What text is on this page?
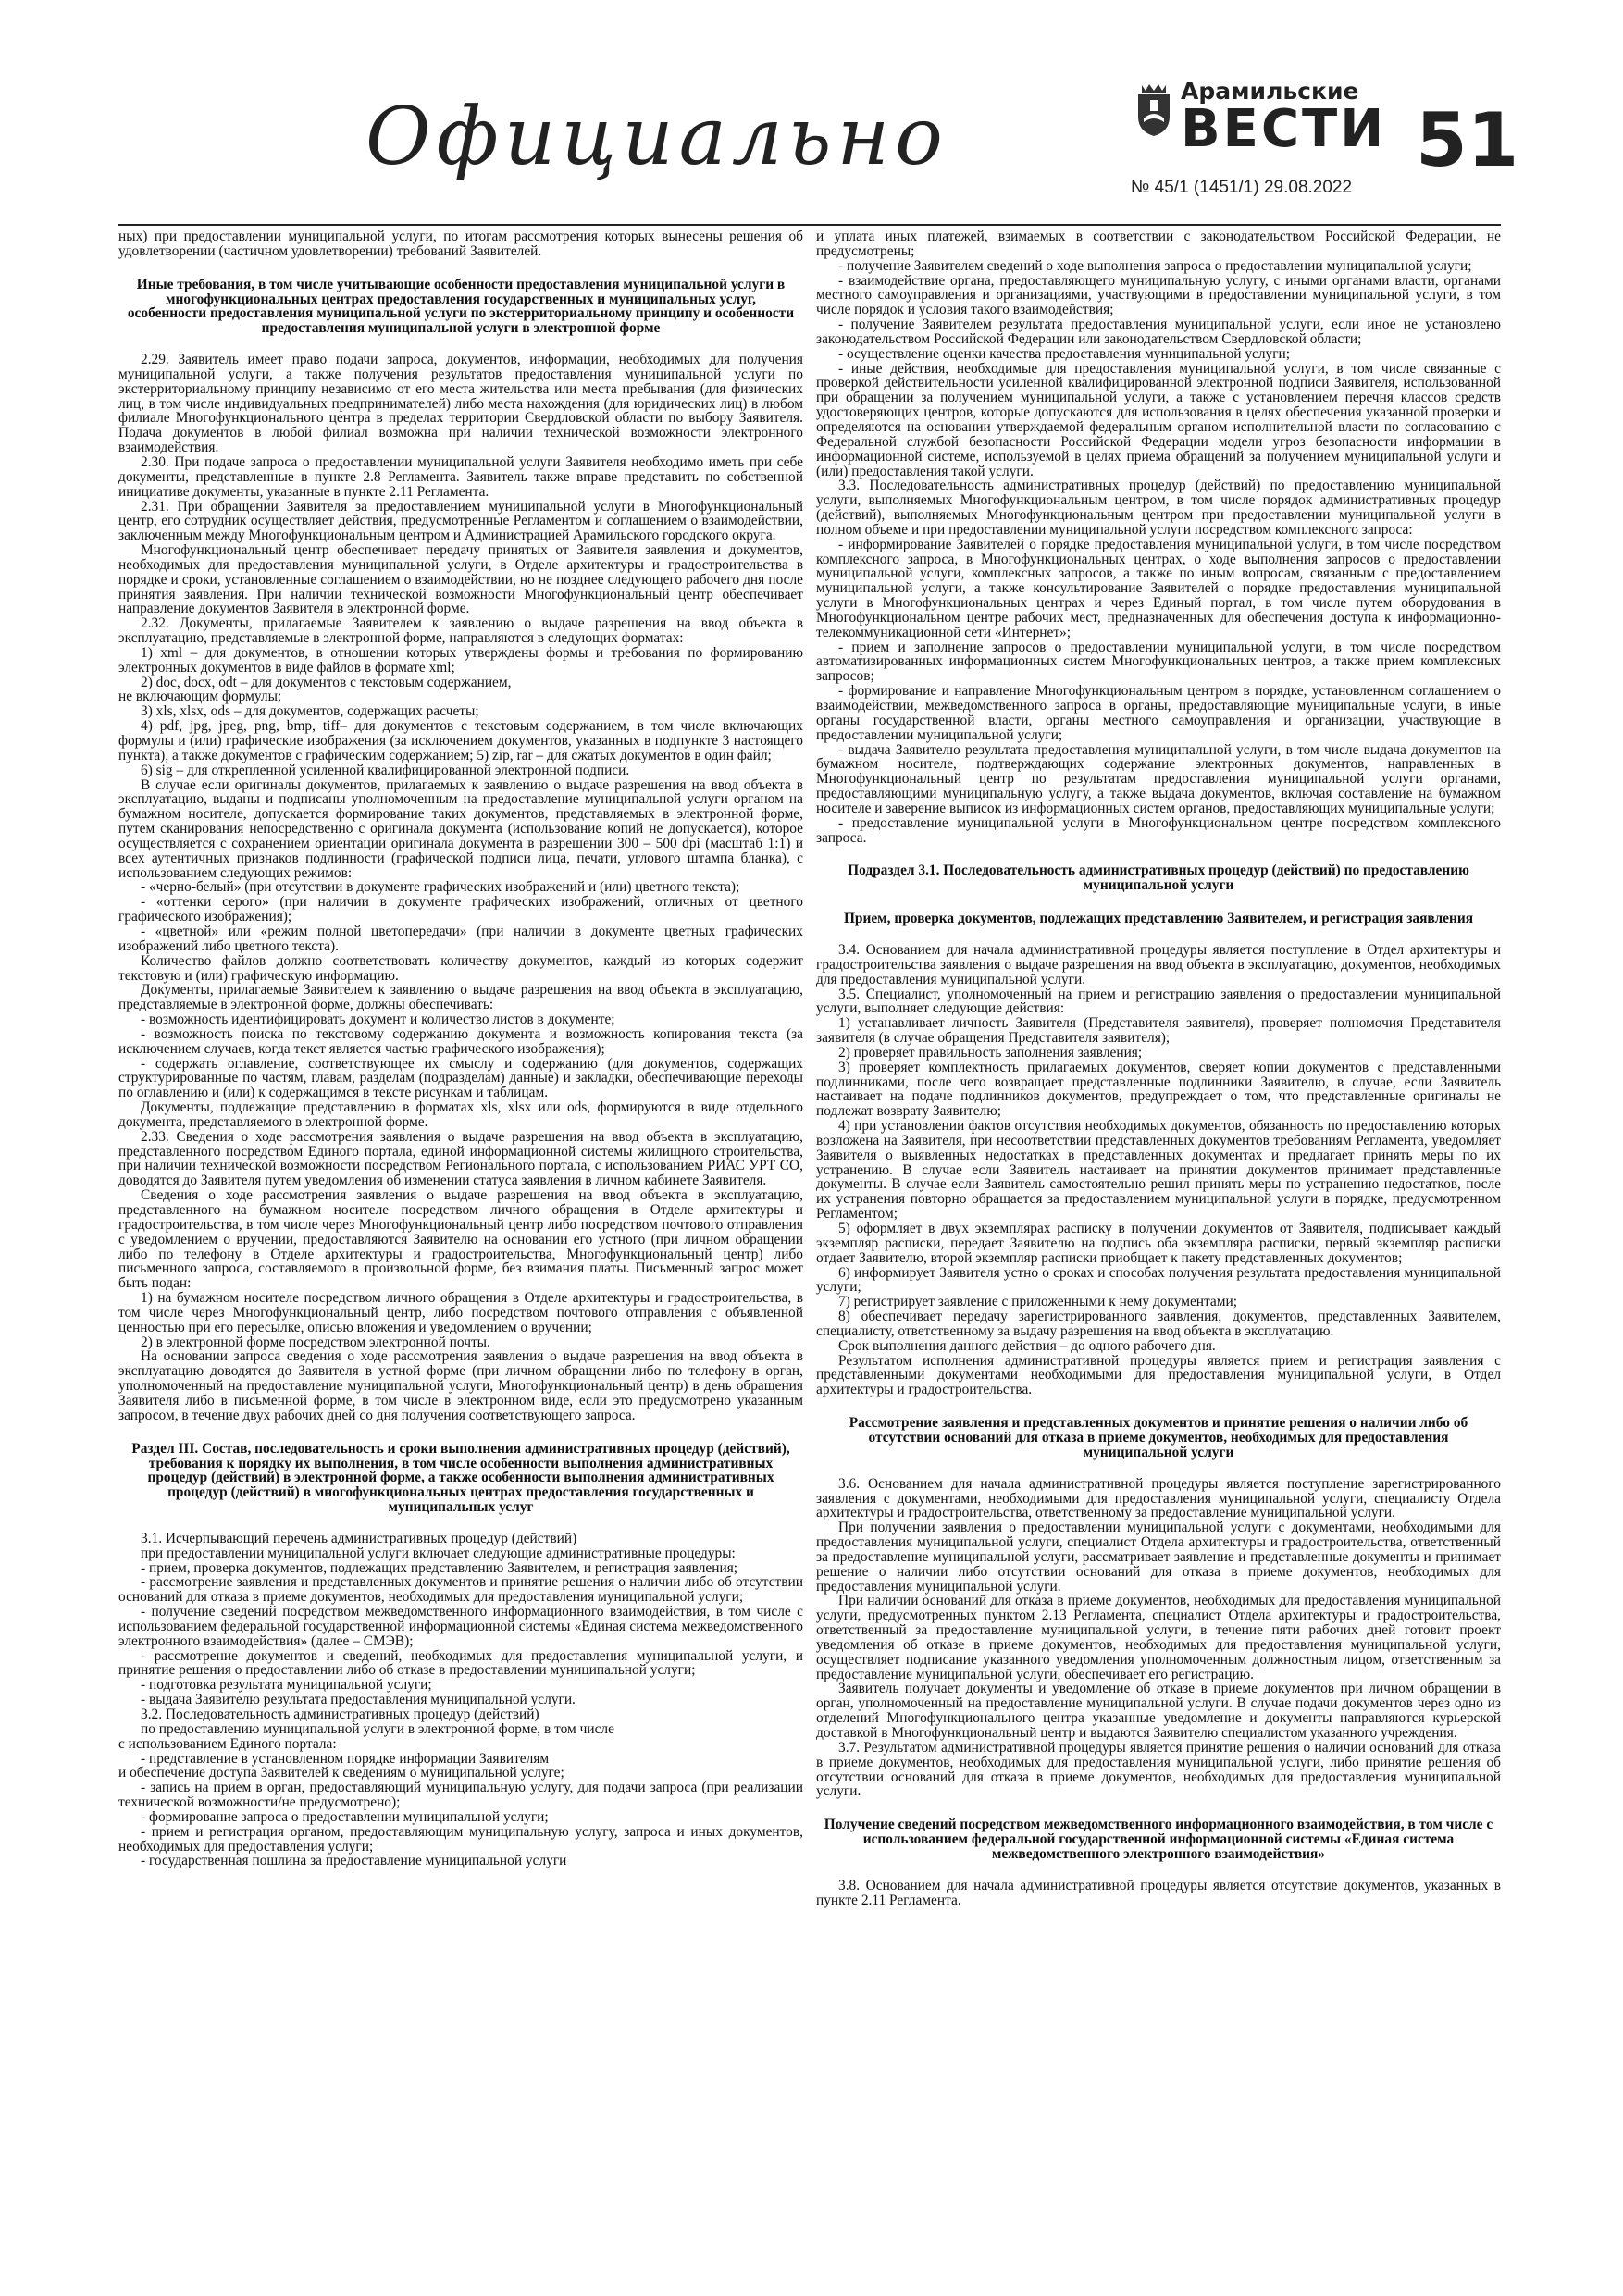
Официально	Арамильские
ВЕСТИ
№ 45/1 (1451/1) 29.08.2022
51

ных) при предоставлении муниципальной услуги, по итогам рассмотрения которых вынесены решения об удовлетворении (частичном удовлетворении) требований Заявителей.

Иные требования, в том числе учитывающие особенности предоставления муниципальной услуги в многофункциональных центрах предоставления государственных и муниципальных услуг, особенности предоставления муниципальной услуги по экстерриториальному принципу и особенности предоставления муниципальной услуги в электронной форме

2.29. Заявитель имеет право подачи запроса, документов, информации, необходимых для получения муниципальной услуги, а также получения результатов предоставления муниципальной услуги по экстерриториальному принципу независимо от его места жительства или места пребывания (для физических лиц, в том числе индивидуальных предпринимателей) либо места нахождения (для юридических лиц) в любом филиале Многофункционального центра в пределах территории Свердловской области по выбору Заявителя. Подача документов в любой филиал возможна при наличии технической возможности электронного взаимодействия.

2.30. При подаче запроса о предоставлении муниципальной услуги Заявителя необходимо иметь при себе документы, представленные в пункте 2.8 Регламента. Заявитель также вправе представить по собственной инициативе документы, указанные в пункте 2.11 Регламента.

2.31. При обращении Заявителя за предоставлением муниципальной услуги в Многофункциональный центр, его сотрудник осуществляет действия, предусмотренные Регламентом и соглашением о взаимодействии, заключенным между Многофункциональным центром и Администрацией Арамильского городского округа.

Многофункциональный центр обеспечивает передачу принятых от Заявителя заявления и документов, необходимых для предоставления муниципальной услуги, в Отделе архитектуры и градостроительства в порядке и сроки, установленные соглашением о взаимодействии, но не позднее следующего рабочего дня после принятия заявления. При наличии технической возможности Многофункциональный центр обеспечивает направление документов Заявителя в электронной форме.

2.32. Документы, прилагаемые Заявителем к заявлению о выдаче разрешения на ввод объекта в эксплуатацию, представляемые в электронной форме, направляются в следующих форматах:

1) xml – для документов, в отношении которых утверждены формы и требования по формированию электронных документов в виде файлов в формате xml;

2) doc, docx, odt – для документов с текстовым содержанием,

не включающим формулы;

3) xls, xlsx, ods – для документов, содержащих расчеты;

4) pdf, jpg, jpeg, png, bmp, tiff– для документов с текстовым содержанием, в том числе включающих формулы и (или) графические изображения (за исключением документов, указанных в подпункте 3 настоящего пункта), а также документов с графическим содержанием; 5) zip, rar – для сжатых документов в один файл;

6) sig – для открепленной усиленной квалифицированной электронной подписи.

В случае если оригиналы документов, прилагаемых к заявлению о выдаче разрешения на ввод объекта в эксплуатацию, выданы и подписаны уполномоченным на предоставление муниципальной услуги органом на бумажном носителе, допускается формирование таких документов, представляемых в электронной форме, путем сканирования непосредственно с оригинала документа (использование копий не допускается), которое осуществляется с сохранением ориентации оригинала документа в разрешении 300 – 500 dpi (масштаб 1:1) и всех аутентичных признаков подлинности (графической подписи лица, печати, углового штампа бланка), с использованием следующих режимов:

- «черно-белый» (при отсутствии в документе графических изображений и (или) цветного текста);

- «оттенки серого» (при наличии в документе графических изображений, отличных от цветного графического изображения);

- «цветной» или «режим полной цветопередачи» (при наличии в документе цветных графических изображений либо цветного текста).

Количество файлов должно соответствовать количеству документов, каждый из которых содержит текстовую и (или) графическую информацию.

Документы, прилагаемые Заявителем к заявлению о выдаче разрешения на ввод объекта в эксплуатацию, представляемые в электронной форме, должны обеспечивать:

- возможность идентифицировать документ и количество листов в документе;

- возможность поиска по текстовому содержанию документа и возможность копирования текста (за исключением случаев, когда текст является частью графического изображения);

- содержать оглавление, соответствующее их смыслу и содержанию (для документов, содержащих структурированные по частям, главам, разделам (подразделам) данные) и закладки, обеспечивающие переходы по оглавлению и (или) к содержащимся в тексте рисункам и таблицам.

Документы, подлежащие представлению в форматах xls, xlsx или ods, формируются в виде отдельного документа, представляемого в электронной форме.

2.33. Сведения о ходе рассмотрения заявления о выдаче разрешения на ввод объекта в эксплуатацию, представленного посредством Единого портала, единой информационной системы жилищного строительства, при наличии технической возможности посредством Регионального портала, с использованием РИАС УРТ СО, доводятся до Заявителя путем уведомления об изменении статуса заявления в личном кабинете Заявителя.

Сведения о ходе рассмотрения заявления о выдаче разрешения на ввод объекта в эксплуатацию, представленного на бумажном носителе посредством личного обращения в Отделе архитектуры и градостроительства, в том числе через Многофункциональный центр либо посредством почтового отправления с уведомлением о вручении, предоставляются Заявителю на основании его устного (при личном обращении либо по телефону в Отделе архитектуры и градостроительства, Многофункциональный центр) либо письменного запроса, составляемого в произвольной форме, без взимания платы. Письменный запрос может быть подан:

1) на бумажном носителе посредством личного обращения в Отделе архитектуры и градостроительства, в том числе через Многофункциональный центр, либо посредством почтового отправления с объявленной ценностью при его пересылке, описью вложения и уведомлением о вручении;

2) в электронной форме посредством электронной почты.

На основании запроса сведения о ходе рассмотрения заявления о выдаче разрешения на ввод объекта в эксплуатацию доводятся до Заявителя в устной форме (при личном обращении либо по телефону в орган, уполномоченный на предоставление муниципальной услуги, Многофункциональный центр) в день обращения Заявителя либо в письменной форме, в том числе в электронном виде, если это предусмотрено указанным запросом, в течение двух рабочих дней со дня получения соответствующего запроса.

Раздел III. Состав, последовательность и сроки выполнения административных процедур (действий), требования к порядку их выполнения, в том числе особенности выполнения административных процедур (действий) в электронной форме, а также особенности выполнения административных процедур (действий) в многофункциональных центрах предоставления государственных и муниципальных услуг

3.1. Исчерпывающий перечень административных процедур (действий)

при предоставлении муниципальной услуги включает следующие административные процедуры:

- прием, проверка документов, подлежащих представлению Заявителем, и регистрация заявления;

- рассмотрение заявления и представленных документов и принятие решения о наличии либо об отсутствии оснований для отказа в приеме документов, необходимых для предоставления муниципальной услуги;

- получение сведений посредством межведомственного информационного взаимодействия, в том числе с использованием федеральной государственной информационной системы «Единая система межведомственного электронного взаимодействия» (далее – СМЭВ);

- рассмотрение документов и сведений, необходимых для предоставления муниципальной услуги, и принятие решения о предоставлении либо об отказе в предоставлении муниципальной услуги;

- подготовка результата муниципальной услуги;

- выдача Заявителю результата предоставления муниципальной услуги.

3.2. Последовательность административных процедур (действий)

по предоставлению муниципальной услуги в электронной форме, в том числе

с использованием Единого портала:

- представление в установленном порядке информации Заявителям

и обеспечение доступа Заявителей к сведениям о муниципальной услуге;

- запись на прием в орган, предоставляющий муниципальную услугу, для подачи запроса (при реализации технической возможности/не предусмотрено);

- формирование запроса о предоставлении муниципальной услуги;

- прием и регистрация органом, предоставляющим муниципальную услугу, запроса и иных документов, необходимых для предоставления услуги;

- государственная пошлина за предоставление муниципальной услуги

и уплата иных платежей, взимаемых в соответствии с законодательством Российской Федерации, не предусмотрены;

- получение Заявителем сведений о ходе выполнения запроса о предоставлении муниципальной услуги;

- взаимодействие органа, предоставляющего муниципальную услугу, с иными органами власти, органами местного самоуправления и организациями, участвующими в предоставлении муниципальной услуги, в том числе порядок и условия такого взаимодействия;

- получение Заявителем результата предоставления муниципальной услуги, если иное не установлено законодательством Российской Федерации или законодательством Свердловской области;

- осуществление оценки качества предоставления муниципальной услуги;

- иные действия, необходимые для предоставления муниципальной услуги, в том числе связанные с проверкой действительности усиленной квалифицированной электронной подписи Заявителя, использованной при обращении за получением муниципальной услуги, а также с установлением перечня классов средств удостоверяющих центров, которые допускаются для использования в целях обеспечения указанной проверки и определяются на основании утверждаемой федеральным органом исполнительной власти по согласованию с Федеральной службой безопасности Российской Федерации модели угроз безопасности информации в информационной системе, используемой в целях приема обращений за получением муниципальной услуги и (или) предоставления такой услуги.

3.3. Последовательность административных процедур (действий) по предоставлению муниципальной услуги, выполняемых Многофункциональным центром, в том числе порядок административных процедур (действий), выполняемых Многофункциональным центром при предоставлении муниципальной услуги в полном объеме и при предоставлении муниципальной услуги посредством комплексного запроса:

- информирование Заявителей о порядке предоставления муниципальной услуги, в том числе посредством комплексного запроса, в Многофункциональных центрах, о ходе выполнения запросов о предоставлении муниципальной услуги, комплексных запросов, а также по иным вопросам, связанным с предоставлением муниципальной услуги, а также консультирование Заявителей о порядке предоставления муниципальной услуги в Многофункциональных центрах и через Единый портал, в том числе путем оборудования в Многофункциональном центре рабочих мест, предназначенных для обеспечения доступа к информационно-телекоммуникационной сети «Интернет»;

- прием и заполнение запросов о предоставлении муниципальной услуги, в том числе посредством автоматизированных информационных систем Многофункциональных центров, а также прием комплексных запросов;

- формирование и направление Многофункциональным центром в порядке, установленном соглашением о взаимодействии, межведомственного запроса в органы, предоставляющие муниципальные услуги, в иные органы государственной власти, органы местного самоуправления и организации, участвующие в предоставлении муниципальной услуги;

- выдача Заявителю результата предоставления муниципальной услуги, в том числе выдача документов на бумажном носителе, подтверждающих содержание электронных документов, направленных в Многофункциональный центр по результатам предоставления муниципальной услуги органами, предоставляющими муниципальную услугу, а также выдача документов, включая составление на бумажном носителе и заверение выписок из информационных систем органов, предоставляющих муниципальные услуги;

- предоставление муниципальной услуги в Многофункциональном центре посредством комплексного запроса.

Подраздел 3.1. Последовательность административных процедур (действий) по предоставлению муниципальной услуги
Прием, проверка документов, подлежащих представлению Заявителем, и регистрация заявления

3.4. Основанием для начала административной процедуры является поступление в Отдел архитектуры и градостроительства заявления о выдаче разрешения на ввод объекта в эксплуатацию, документов, необходимых для предоставления муниципальной услуги.

3.5. Специалист, уполномоченный на прием и регистрацию заявления о предоставлении муниципальной услуги, выполняет следующие действия:

1) устанавливает личность Заявителя (Представителя заявителя), проверяет полномочия Представителя заявителя (в случае обращения Представителя заявителя);

2) проверяет правильность заполнения заявления;

3) проверяет комплектность прилагаемых документов, сверяет копии документов с представленными подлинниками, после чего возвращает представленные подлинники Заявителю, в случае, если Заявитель настаивает на подаче подлинников документов, предупреждает о том, что представленные оригиналы не подлежат возврату Заявителю;

4) при установлении фактов отсутствия необходимых документов, обязанность по предоставлению которых возложена на Заявителя, при несоответствии представленных документов требованиям Регламента, уведомляет Заявителя о выявленных недостатках в представленных документах и предлагает принять меры по их устранению. В случае если Заявитель настаивает на принятии документов принимает представленные документы. В случае если Заявитель самостоятельно решил принять меры по устранению недостатков, после их устранения повторно обращается за предоставлением муниципальной услуги в порядке, предусмотренном Регламентом;

5) оформляет в двух экземплярах расписку в получении документов от Заявителя, подписывает каждый экземпляр расписки, передает Заявителю на подпись оба экземпляра расписки, первый экземпляр расписки отдает Заявителю, второй экземпляр расписки приобщает к пакету представленных документов;

6) информирует Заявителя устно о сроках и способах получения результата предоставления муниципальной услуги;

7) регистрирует заявление с приложенными к нему документами;

8) обеспечивает передачу зарегистрированного заявления, документов, представленных Заявителем, специалисту, ответственному за выдачу разрешения на ввод объекта в эксплуатацию.

Срок выполнения данного действия – до одного рабочего дня.

Результатом исполнения административной процедуры является прием и регистрация заявления с представленными документами необходимыми для предоставления муниципальной услуги, в Отдел архитектуры и градостроительства.

Рассмотрение заявления и представленных документов и принятие решения о наличии либо об отсутствии оснований для отказа в приеме документов, необходимых для предоставления муниципальной услуги

3.6. Основанием для начала административной процедуры является поступление зарегистрированного заявления с документами, необходимыми для предоставления муниципальной услуги, специалисту Отдела архитектуры и градостроительства, ответственному за предоставление муниципальной услуги.

При получении заявления о предоставлении муниципальной услуги с документами, необходимыми для предоставления муниципальной услуги, специалист Отдела архитектуры и градостроительства, ответственный за предоставление муниципальной услуги, рассматривает заявление и представленные документы и принимает решение о наличии либо отсутствии оснований для отказа в приеме документов, необходимых для предоставления муниципальной услуги.

При наличии оснований для отказа в приеме документов, необходимых для предоставления муниципальной услуги, предусмотренных пунктом 2.13 Регламента, специалист Отдела архитектуры и градостроительства, ответственный за предоставление муниципальной услуги, в течение пяти рабочих дней готовит проект уведомления об отказе в приеме документов, необходимых для предоставления муниципальной услуги, осуществляет подписание указанного уведомления уполномоченным должностным лицом, ответственным за предоставление муниципальной услуги, обеспечивает его регистрацию.

Заявитель получает документы и уведомление об отказе в приеме документов при личном обращении в орган, уполномоченный на предоставление муниципальной услуги. В случае подачи документов через одно из отделений Многофункционального центра указанные уведомление и документы направляются курьерской доставкой в Многофункциональный центр и выдаются Заявителю специалистом указанного учреждения.

3.7. Результатом административной процедуры является принятие решения о наличии оснований для отказа в приеме документов, необходимых для предоставления муниципальной услуги, либо принятие решения об отсутствии оснований для отказа в приеме документов, необходимых для предоставления муниципальной услуги.

Получение сведений посредством межведомственного информационного взаимодействия, в том числе с использованием федеральной государственной информационной системы «Единая система межведомственного электронного взаимодействия»

3.8. Основанием для начала административной процедуры является отсутствие документов, указанных в пункте 2.11 Регламента.
